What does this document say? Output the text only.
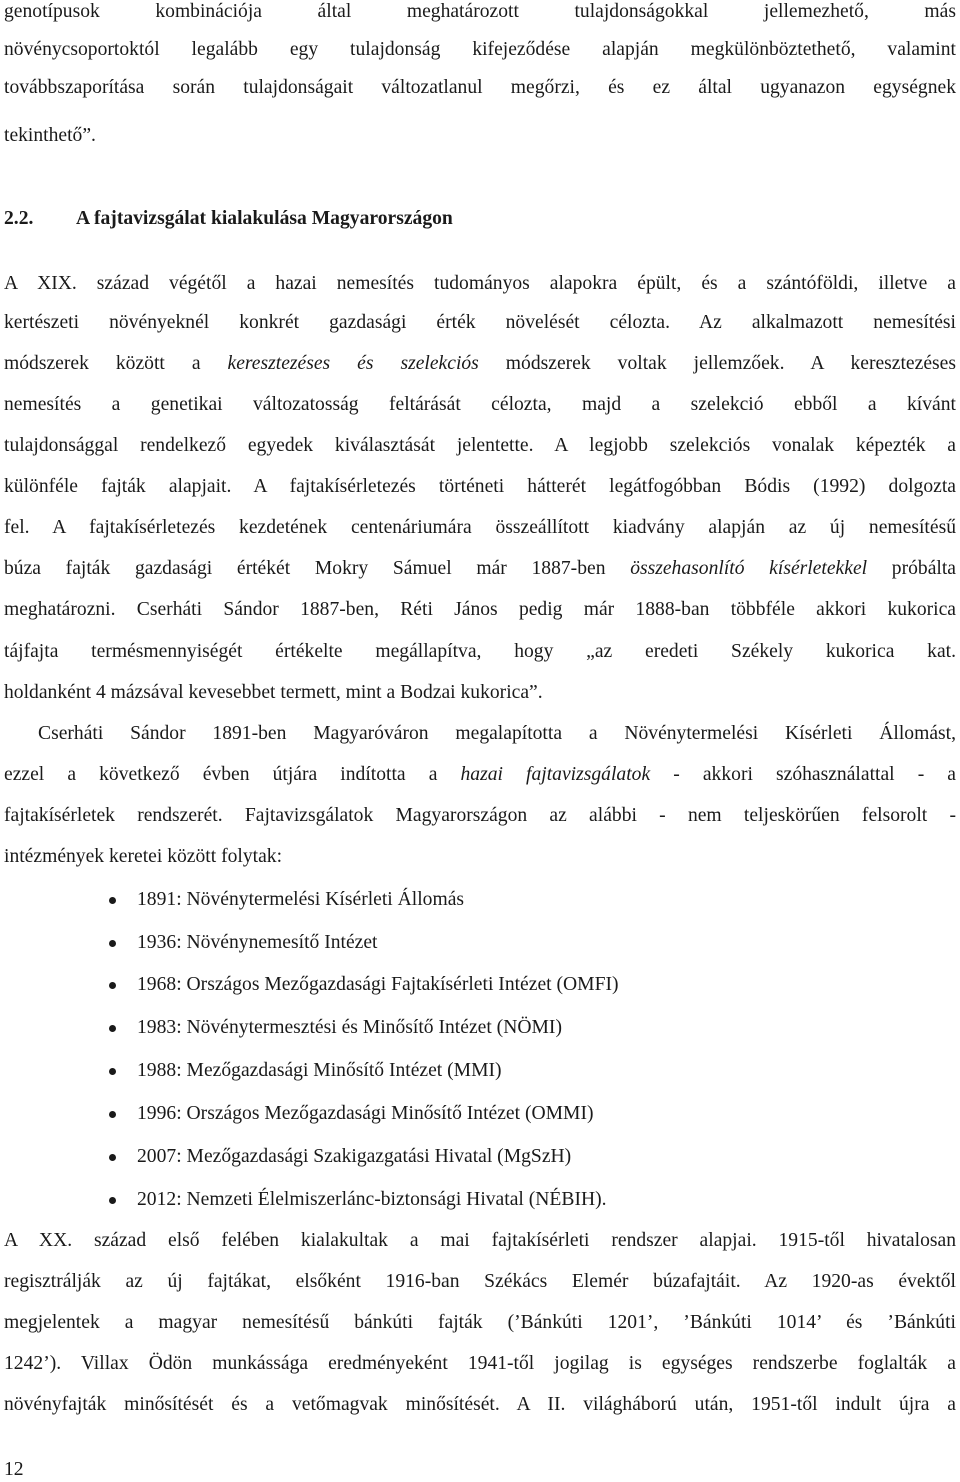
genotípusok kombinációja által meghatározott tulajdonságokkal jellemezhető, más
növénycsoportoktól legalább egy tulajdonság kifejeződése alapján megkülönböztethető, valamint
továbbszaporítása során tulajdonságait változatlanul megőrzi, és ez által ugyanazon egységnek
tekinthető”.
2.2. A fajtavizsgálat kialakulása Magyarországon
A XIX. század végétől a hazai nemesítés tudományos alapokra épült, és a szántóföldi, illetve a
kertészeti növényeknél konkrét gazdasági érték növelését célozta. Az alkalmazott nemesítési
módszerek között a keresztezéses és szelekciós módszerek voltak jellemzőek. A keresztezéses
nemesítés a genetikai változatosság feltárását célozta, majd a szelekció ebből a kívánt
tulajdonsággal rendelkező egyedek kiválasztását jelentette. A legjobb szelekciós vonalak képezték a
különféle fajták alapjait. A fajtakísérletezés történeti hátterét legátfogóbban Bódis (1992) dolgozta
fel. A fajtakísérletezés kezdetének centenáriumára összeállított kiadvány alapján az új nemesítésű
búza fajták gazdasági értékét Mokry Sámuel már 1887-ben összehasonlító kísérletekkel próbálta
meghatározni. Cserháti Sándor 1887-ben, Réti János pedig már 1888-ban többféle akkori kukorica
tájfajta termésmennyiségét értékelte megállapítva, hogy „az eredeti Székely kukorica kat.
holdanként 4 mázsával kevesebbet termett, mint a Bodzai kukorica”.
Cserháti Sándor 1891-ben Magyaróváron megalapította a Növénytermelési Kísérleti Állomást,
ezzel a következő évben útjára indította a hazai fajtavizsgálatok - akkori szóhasználattal - a
fajtakísérletek rendszerét. Fajtavizsgálatok Magyarországon az alábbi - nem teljeskörűen felsorolt -
intézmények keretei között folytak:
1891: Növénytermelési Kísérleti Állomás
1936: Növénynemesítő Intézet
1968: Országos Mezőgazdasági Fajtakísérleti Intézet (OMFI)
1983: Növénytermesztési és Minősítő Intézet (NÖMI)
1988: Mezőgazdasági Minősítő Intézet (MMI)
1996: Országos Mezőgazdasági Minősítő Intézet (OMMI)
2007: Mezőgazdasági Szakigazgatási Hivatal (MgSzH)
2012: Nemzeti Élelmiszerlánc-biztonsági Hivatal (NÉBIH).
A XX. század első felében kialakultak a mai fajtakísérleti rendszer alapjai. 1915-től hivatalosan
regisztrálják az új fajtákat, elsőként 1916-ban Székács Elemér búzafajtáit. Az 1920-as évektől
megjelentek a magyar nemesítésű bánkúti fajták (’Bánkúti 1201’, ’Bánkúti 1014’ és ’Bánkúti
1242’). Villax Ödön munkássága eredményeként 1941-től jogilag is egységes rendszerbe foglalták a
növényfajták minősítését és a vetőmagvak minősítését. A II. világháború után, 1951-től indult újra a
12
